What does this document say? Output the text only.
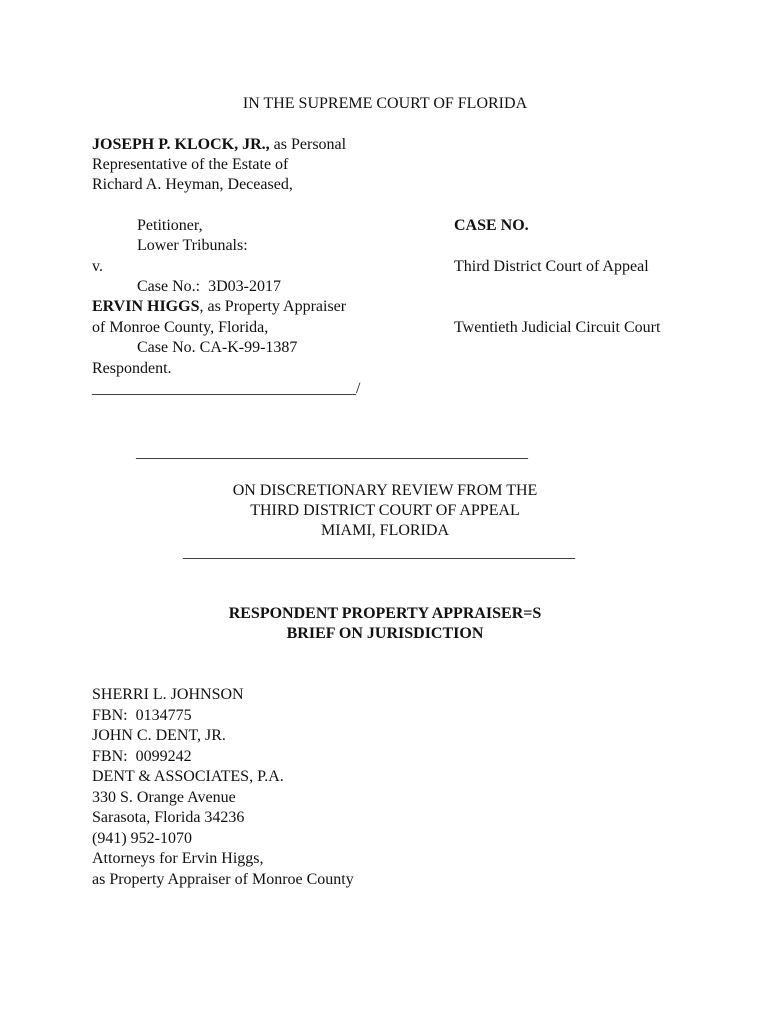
IN THE SUPREME COURT OF FLORIDA
JOSEPH P. KLOCK, JR., as Personal
Representative of the Estate of
Richard A. Heyman, Deceased,
Petitioner,
Lower Tribunals:
v.
Case No.:  3D03-2017
ERVIN HIGGS, as Property Appraiser
of Monroe County, Florida,
Case No. CA-K-99-1387
Respondent.
_________________________________/
CASE NO.
Third District Court of Appeal
Twentieth Judicial Circuit Court
_________________________________________________
ON DISCRETIONARY REVIEW FROM THE
THIRD DISTRICT COURT OF APPEAL
MIAMI, FLORIDA
_________________________________________________
RESPONDENT PROPERTY APPRAISER=S
BRIEF ON JURISDICTION
SHERRI L. JOHNSON
FBN:  0134775
JOHN C. DENT, JR.
FBN:  0099242
DENT & ASSOCIATES, P.A.
330 S. Orange Avenue
Sarasota, Florida 34236
(941) 952-1070
Attorneys for Ervin Higgs,
as Property Appraiser of Monroe County
